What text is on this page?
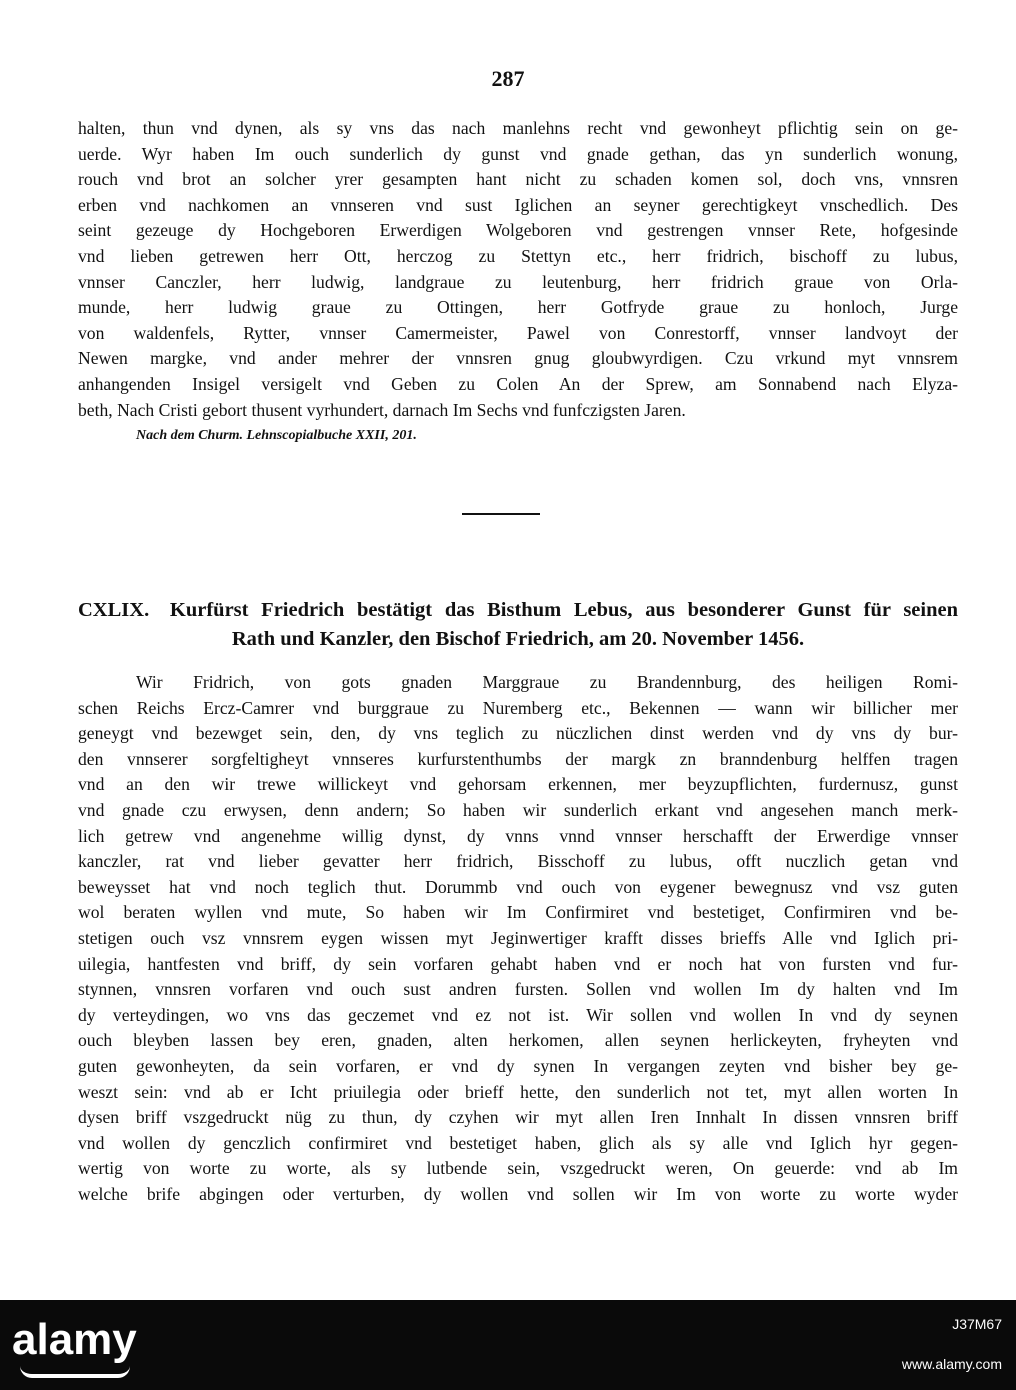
287
halten, thun vnd dynen, als sy vns das nach manlehns recht vnd gewonheyt pflichtig sein on ge-
uerde. Wyr haben Im ouch sunderlich dy gunst vnd gnade gethan, das yn sunderlich wonung,
rouch vnd brot an solcher yrer gesampten hant nicht zu schaden komen sol, doch vns, vnnsren
erben vnd nachkomen an vnnseren vnd sust Iglichen an seyner gerechtigkeyt vnschedlich. Des
seint gezeuge dy Hochgeboren Erwerdigen Wolgeboren vnd gestrengen vnnser Rete, hofgesinde
vnd lieben getrewen herr Ott, herczog zu Stettyn etc., herr fridrich, bischoff zu lubus,
vnnser Canczler, herr ludwig, landgraue zu leutenburg, herr fridrich graue von Orla-
munde, herr ludwig graue zu Ottingen, herr Gotfryde graue zu honloch, Jurge
von waldenfels, Rytter, vnnser Camermeister, Pawel von Conrestorff, vnnser landvoyt der
Newen margke, vnd ander mehrer der vnnsren gnug gloubwyrdigen. Czu vrkund myt vnnsrem
anhangenden Insigel versigelt vnd Geben zu Colen An der Sprew, am Sonnabend nach Elyza-
beth, Nach Cristi gebort thusent vyrhundert, darnach Im Sechs vnd funfczigsten Jaren.
Nach dem Churm. Lehnscopialbuche XXII, 201.
CXLIX. Kurfürst Friedrich bestätigt das Bisthum Lebus, aus besonderer Gunst für seinen
Rath und Kanzler, den Bischof Friedrich, am 20. November 1456.
Wir Fridrich, von gots gnaden Marggraue zu Brandennburg, des heiligen Romi-
schen Reichs Ercz-Camrer vnd burggraue zu Nuremberg etc., Bekennen — wann wir billicher mer
geneygt vnd bezewget sein, den, dy vns teglich zu nüczlichen dinst werden vnd dy vns dy bur-
den vnnserer sorgfeltigheyt vnnseres kurfurstenthumbs der margk zn branndenburg helffen tragen
vnd an den wir trewe willickeyt vnd gehorsam erkennen, mer beyzupflichten, furdernusz, gunst
vnd gnade czu erwysen, denn andern; So haben wir sunderlich erkant vnd angesehen manch merk-
lich getrew vnd angenehme willig dynst, dy vnns vnnd vnnser herschafft der Erwerdige vnnser
kanczler, rat vnd lieber gevatter herr fridrich, Bisschoff zu lubus, offt nuczlich getan vnd
beweysset hat vnd noch teglich thut. Dorummb vnd ouch von eygener bewegnusz vnd vsz guten
wol beraten wyllen vnd mute, So haben wir Im Confirmiret vnd bestetiget, Confirmiren vnd be-
stetigen ouch vsz vnnsrem eygen wissen myt Jeginwertiger krafft disses brieffs Alle vnd Iglich pri-
uilegia, hantfesten vnd briff, dy sein vorfaren gehabt haben vnd er noch hat von fursten vnd fur-
stynnen, vnnsren vorfaren vnd ouch sust andren fursten. Sollen vnd wollen Im dy halten vnd Im
dy verteydingen, wo vns das geczemet vnd ez not ist. Wir sollen vnd wollen In vnd dy seynen
ouch bleyben lassen bey eren, gnaden, alten herkomen, allen seynen herlickeyten, fryheyten vnd
guten gewonheyten, da sein vorfaren, er vnd dy synen In vergangen zeyten vnd bisher bey ge-
weszt sein: vnd ab er Icht priuilegia oder brieff hette, den sunderlich not tet, myt allen worten In
dysen briff vszgedruckt nüg zu thun, dy czyhen wir myt allen Iren Innhalt In dissen vnnsren briff
vnd wollen dy genczlich confirmiret vnd bestetiget haben, glich als sy alle vnd Iglich hyr gegen-
wertig von worte zu worte, als sy lutbende sein, vszgedruckt weren, On geuerde: vnd ab Im
welche brife abgingen oder verturben, dy wollen vnd sollen wir Im von worte zu worte wyder
alamy	J37M67
www.alamy.com
